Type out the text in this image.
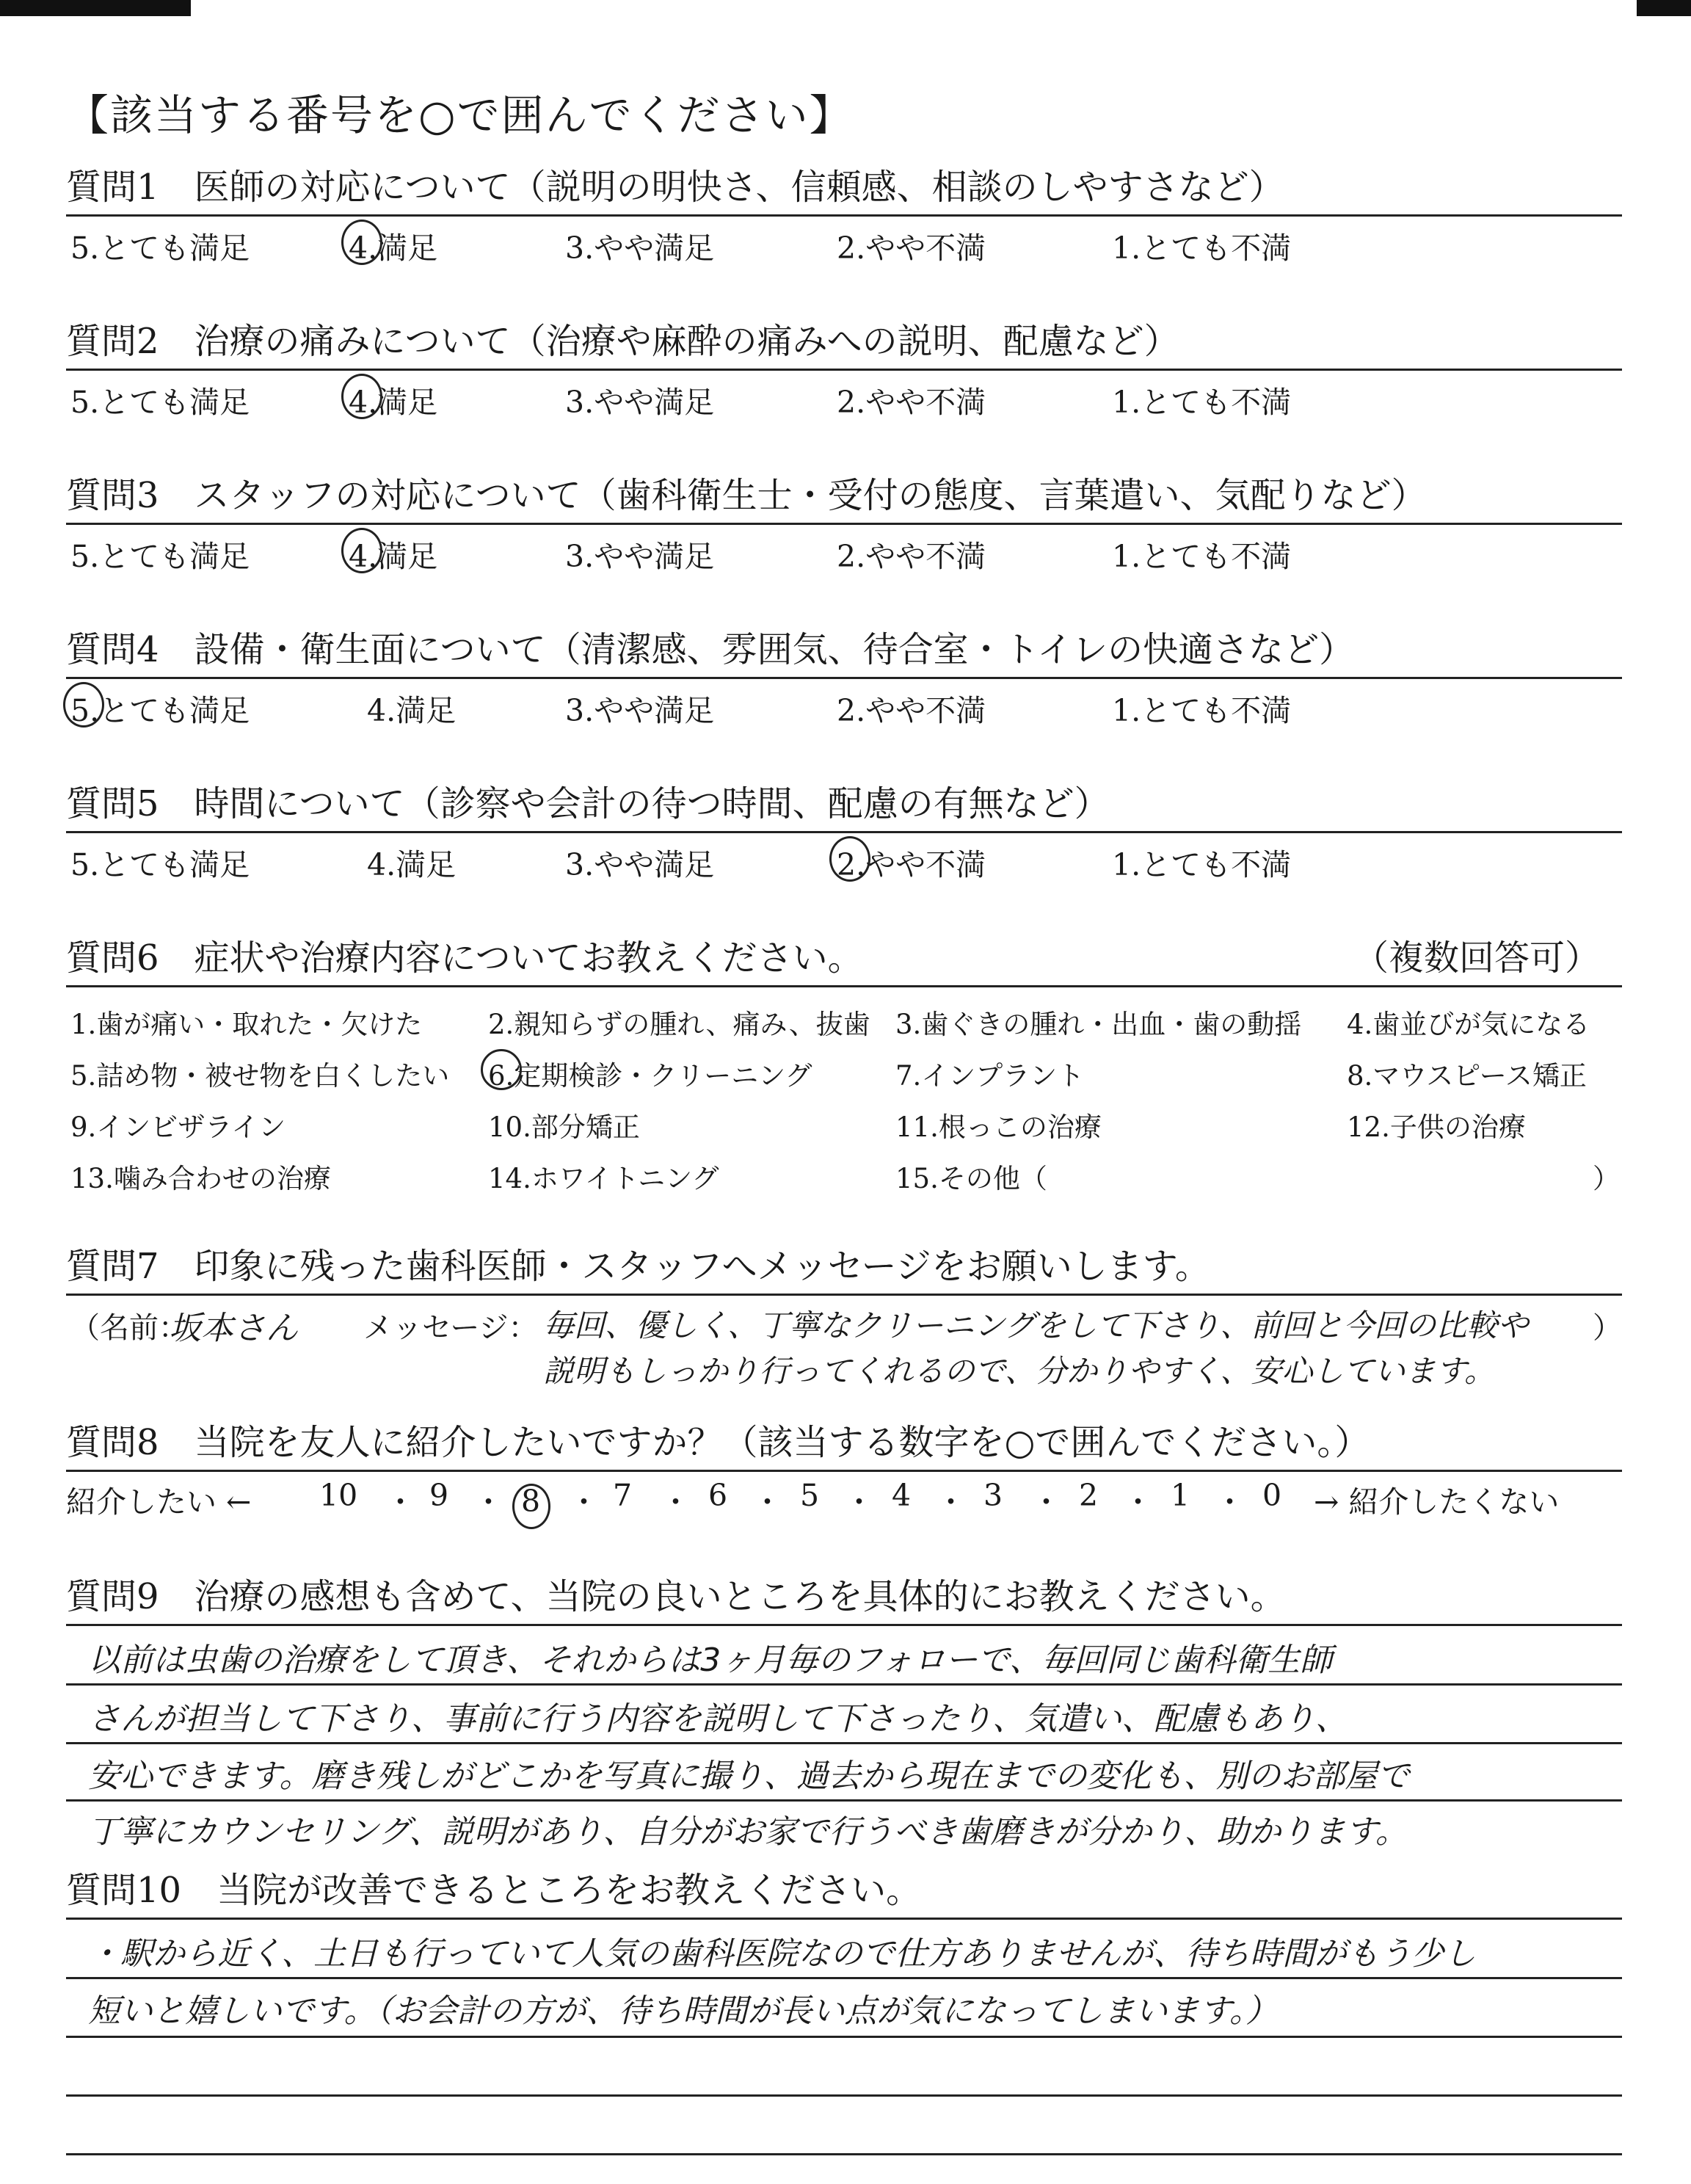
【該当する番号を○で囲んでください】
質問1　医師の対応について（説明の明快さ、信頼感、相談のしやすさなど）
5.とても満足	4.満足	3.やや満足	2.やや不満	1.とても不満
質問2　治療の痛みについて（治療や麻酔の痛みへの説明、配慮など）
5.とても満足	4.満足	3.やや満足	2.やや不満	1.とても不満
質問3　スタッフの対応について（歯科衛生士・受付の態度、言葉遣い、気配りなど）
5.とても満足	4.満足	3.やや満足	2.やや不満	1.とても不満
質問4　設備・衛生面について（清潔感、雰囲気、待合室・トイレの快適さなど）
5.とても満足	4.満足	3.やや満足	2.やや不満	1.とても不満
質問5　時間について（診察や会計の待つ時間、配慮の有無など）
5.とても満足	4.満足	3.やや満足	2.やや不満	1.とても不満
質問6　症状や治療内容についてお教えください。	（複数回答可）
1.歯が痛い・取れた・欠けた 2.親知らずの腫れ、痛み、抜歯 3.歯ぐきの腫れ・出血・歯の動揺 4.歯並びが気になる
5.詰め物・被せ物を白くしたい 6.定期検診・クリーニング	7.インプラント	8.マウスピース矯正
9.インビザライン	10.部分矯正	11.根っこの治療	12.子供の治療
13.噛み合わせの治療	14.ホワイトニング	15.その他（	）
質問7　印象に残った歯科医師・スタッフへメッセージをお願いします。
（名前：
坂本さん メッセージ： 毎回、優しく、丁寧なクリーニングをして下さり、前回と今回の比較や
説明もしっかり行ってくれるので、分かりやすく、安心しています。
）
質問8　当院を友人に紹介したいですか？（該当する数字を○で囲んでください。）
紹介したい ← 10 ・ 9 ・ 8 ・ 7 ・ 6 ・ 5 ・ 4 ・ 3 ・ 2 ・ 1 ・ 0 → 紹介したくない
質問9　治療の感想も含めて、当院の良いところを具体的にお教えください。
以前は虫歯の治療をして頂き、それからは3ヶ月毎のフォローで、毎回同じ歯科衛生師
さんが担当して下さり、事前に行う内容を説明して下さったり、気遣い、配慮もあり、
安心できます。磨き残しがどこかを写真に撮り、過去から現在までの変化も、別のお部屋で
丁寧にカウンセリング、説明があり、自分がお家で行うべき歯磨きが分かり、助かります。
質問10　当院が改善できるところをお教えください。
・駅から近く、土日も行っていて人気の歯科医院なので仕方ありませんが、待ち時間がもう少し
短いと嬉しいです。（お会計の方が、待ち時間が長い点が気になってしまいます。）
